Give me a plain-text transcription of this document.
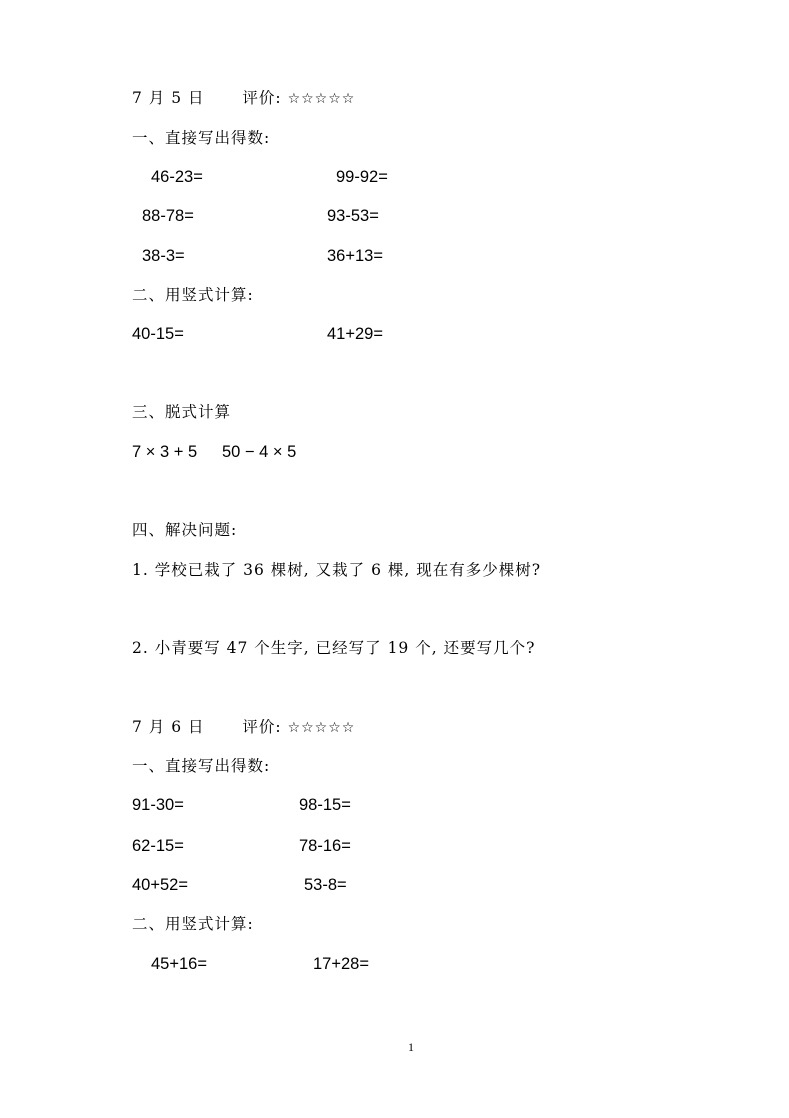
7 月 5 日 评价: ☆☆☆☆☆
一、直接写出得数:
46-23=	99-92=
88-78=	93-53=
38-3=	36+13=
二、用竖式计算:
40-15=	41+29=
三、脱式计算
7 × 3 + 5 50 − 4 × 5
四、解决问题:
1. 学校已栽了 36 棵树, 又栽了 6 棵, 现在有多少棵树?
2. 小青要写 47 个生字, 已经写了 19 个, 还要写几个?
7 月 6 日 评价: ☆☆☆☆☆
一、直接写出得数:
91-30=	98-15=
62-15=	78-16=
40+52=	53-8=
二、用竖式计算:
45+16=	17+28=
1
